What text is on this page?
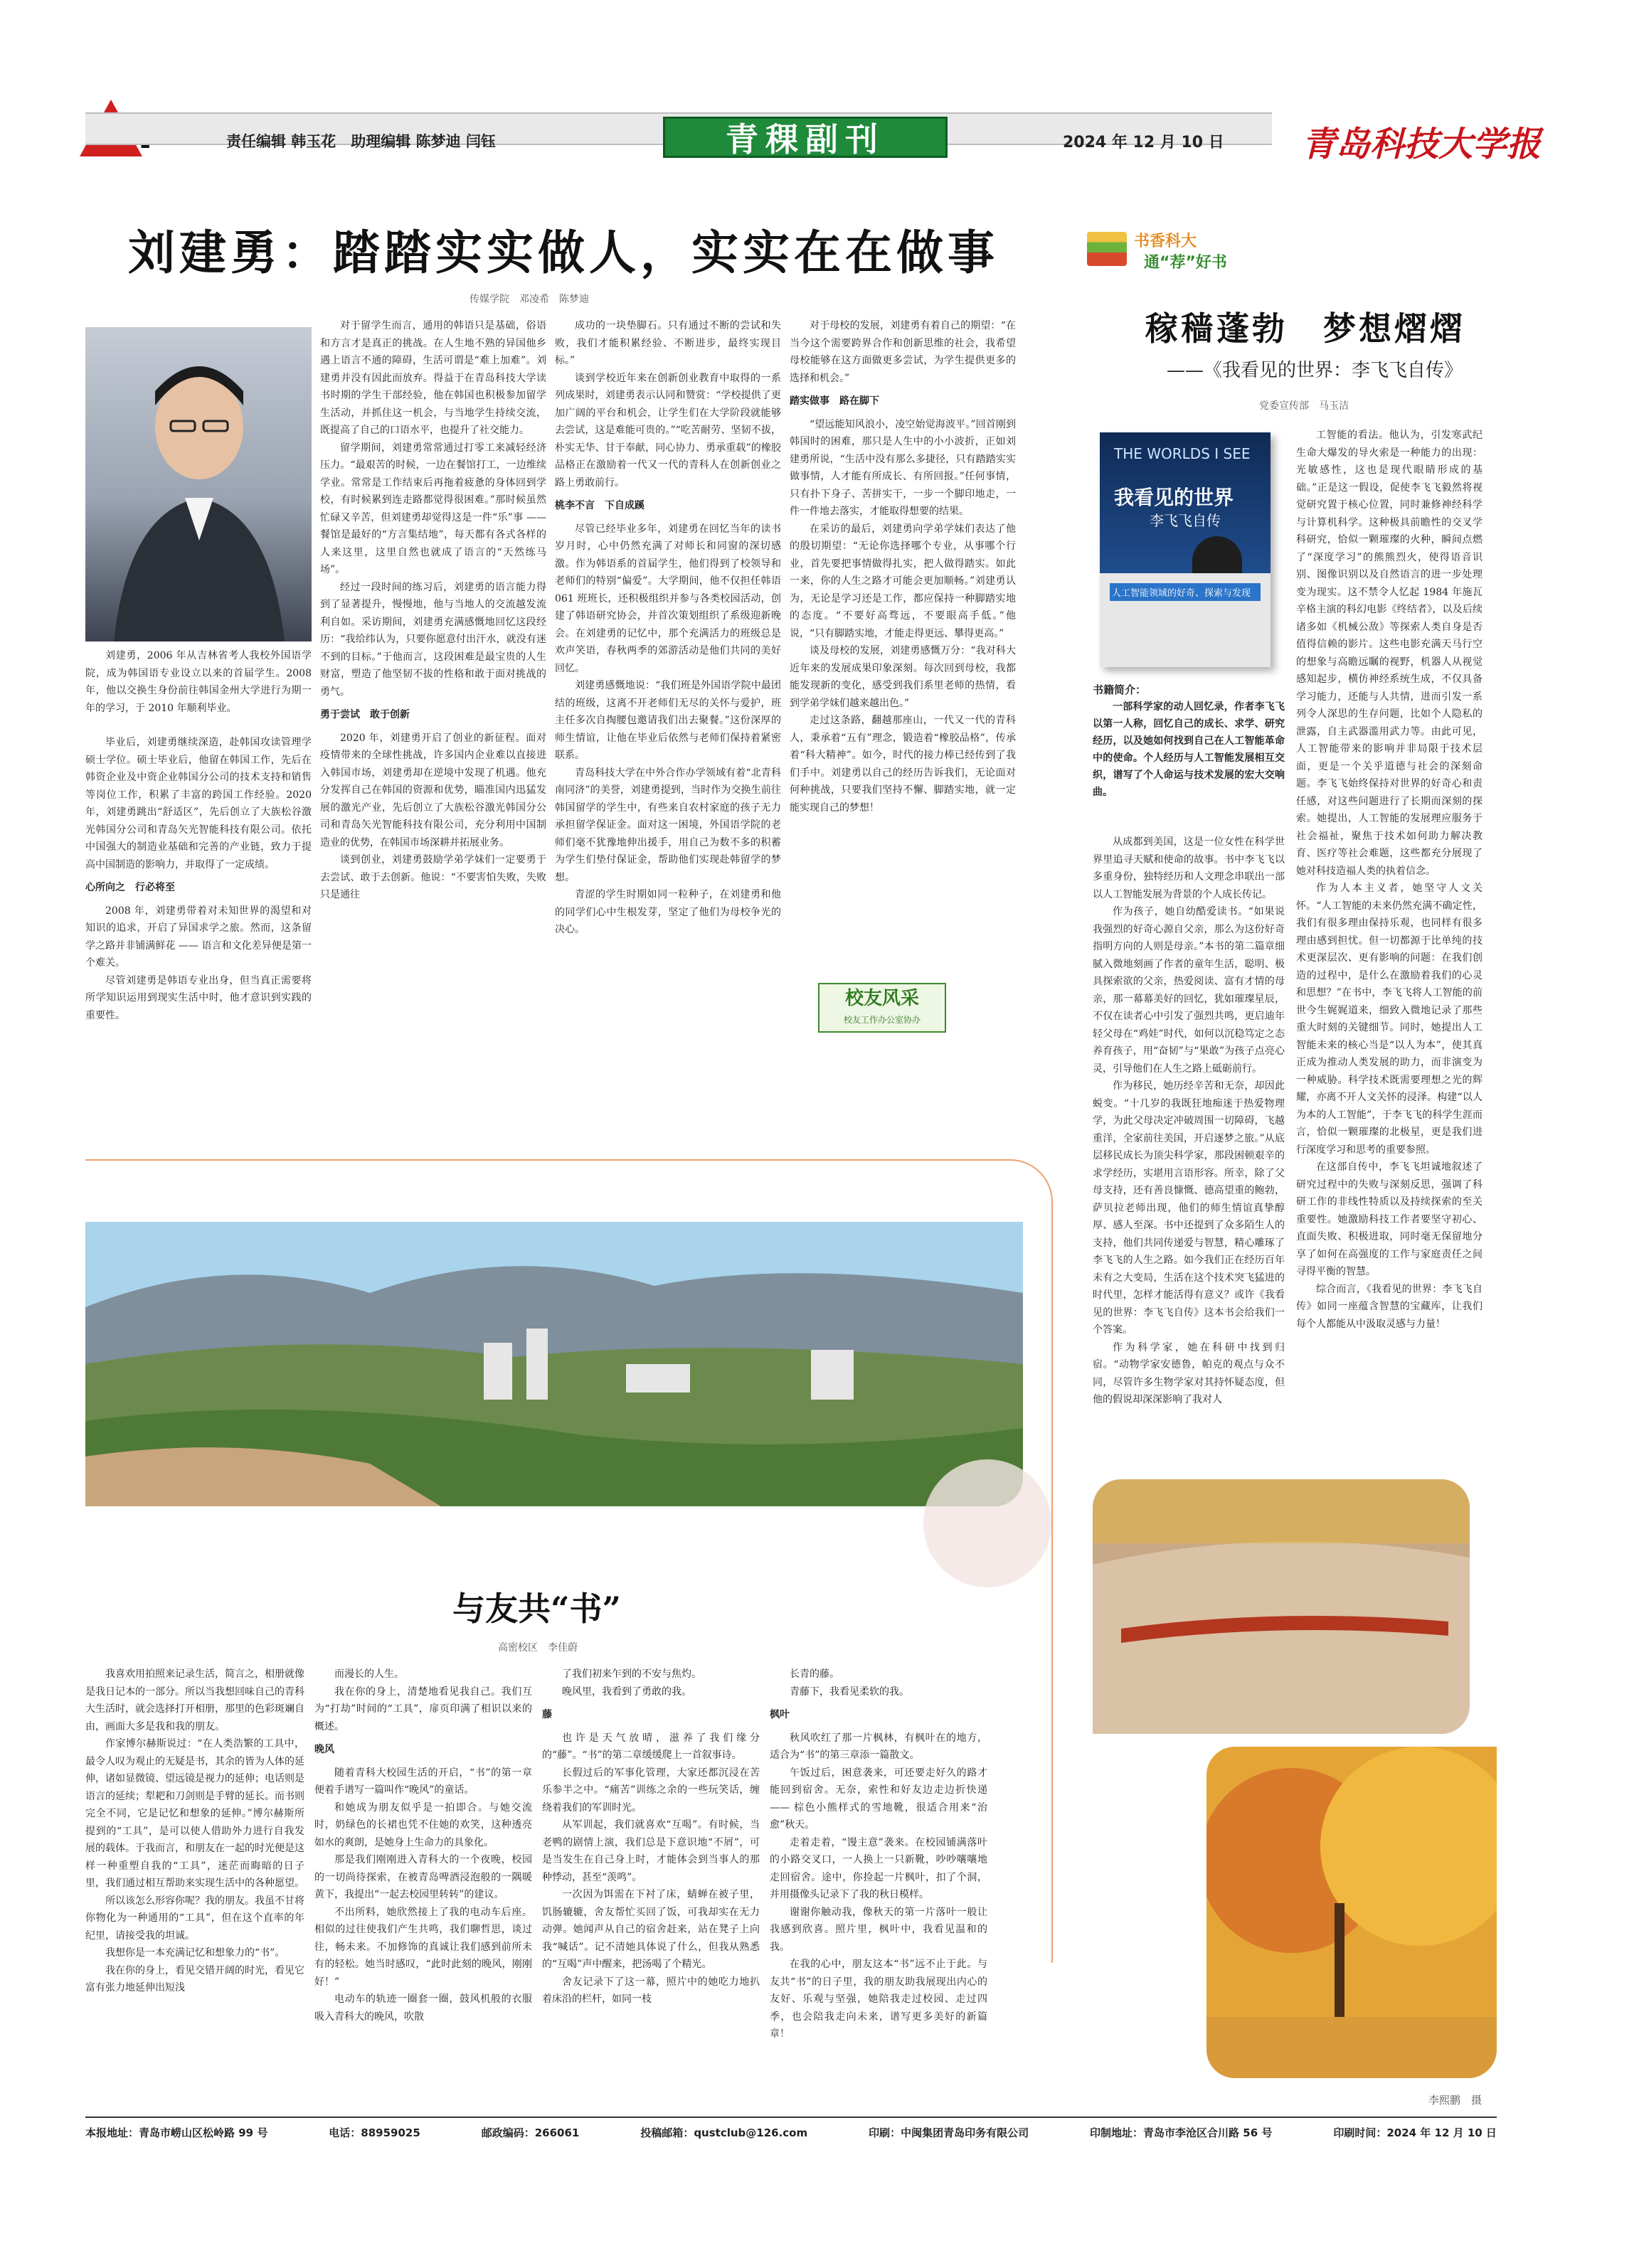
责任编辑 韩玉花　助理编辑 陈梦迪 闫钰	青稞副刊	2024 年 12 月 10 日 青岛科技大学报
刘建勇：踏踏实实做人，实实在在做事
传媒学院　邓凌希　陈梦迪
刘建勇，2006 年从吉林省考人我校外国语学院，成为韩国语专业设立以来的首届学生。2008 年，他以交换生身份前往韩国金州大学进行为期一年的学习，于 2010 年顺利毕业。

毕业后，刘建勇继续深造，赴韩国攻读管理学硕士学位。硕士毕业后，他留在韩国工作，先后在韩资企业及中资企业韩国分公司的技术支持和销售等岗位工作，积累了丰富的跨国工作经验。2020 年，刘建勇跳出“舒适区”，先后创立了大族松谷激光韩国分公司和青岛矢光智能科技有限公司。依托中国强大的制造业基础和完善的产业链，致力于提高中国制造的影响力，并取得了一定成绩。

心所向之　行必将至

2008 年，刘建勇带着对未知世界的渴望和对知识的追求，开启了异国求学之旅。然而，这条留学之路并非铺满鲜花 —— 语言和文化差异便是第一个难关。

尽管刘建勇是韩语专业出身，但当真正需要将所学知识运用到现实生活中时，他才意识到实践的重要性。

对于留学生而言，通用的韩语只是基础，俗语和方言才是真正的挑战。在人生地不熟的异国他乡遇上语言不通的障碍，生活可谓是“难上加难”。刘建勇并没有因此而放弃。得益于在青岛科技大学读书时期的学生干部经验，他在韩国也积极参加留学生活动，并抓住这一机会，与当地学生持续交流，既提高了自己的口语水平，也提升了社交能力。

留学期间，刘建勇常常通过打零工来减轻经济压力。“最艰苦的时候，一边在餐馆打工，一边维续学业。常常是工作结束后再拖着疲惫的身体回到学校，有时候累到连走路都觉得很困难。”那时候虽然忙碌又辛苦，但刘建勇却觉得这是一件“乐”事 —— 餐馆是最好的“方言集结地”，每天都有各式各样的人来这里，这里自然也就成了语言的“天然练马场”。

经过一段时间的练习后，刘建勇的语言能力得到了显著提升，慢慢地，他与当地人的交流越发流利自如。采访期间，刘建勇充满感慨地回忆这段经历：“我给纬认为，只要你愿意付出汗水，就没有迷不到的目标。”于他而言，这段困难是最宝贵的人生财富，塑造了他坚韧不拔的性格和敢于面对挑战的勇气。

勇于尝试　敢于创新

2020 年，刘建勇开启了创业的新征程。面对疫情带来的全球性挑战，许多国内企业难以直接进入韩国市场，刘建勇却在逆境中发现了机遇。他充分发挥自己在韩国的资源和优势，瞄准国内迅猛发展的激光产业，先后创立了大族松谷激光韩国分公司和青岛矢光智能科技有限公司，充分利用中国制造业的优势，在韩国市场深耕并拓展业务。

谈到创业，刘建勇鼓励学弟学妹们一定要勇于去尝试、敢于去创新。他说：“不要害怕失败，失败只是通往

成功的一块垫脚石。只有通过不断的尝试和失败，我们才能积累经验、不断进步，最终实现目标。”

谈到学校近年来在创新创业教育中取得的一系列成果时，刘建勇表示认同和赞赏：“学校提供了更加广阔的平台和机会，让学生们在大学阶段就能够去尝试，这是难能可贵的。”“吃苦耐劳、坚韧不拔，朴实无华、甘于奉献，同心协力、勇承重载”的橡胶品格正在激励着一代又一代的青科人在创新创业之路上勇敢前行。

桃李不言　下自成蹊

尽管已经毕业多年，刘建勇在回忆当年的读书岁月时，心中仍然充满了对师长和同窗的深切感激。作为韩语系的首届学生，他们得到了校领导和老师们的特别“偏爱”。大学期间，他不仅担任韩语 061 班班长，还积极组织并参与各类校园活动，创建了韩语研究协会，并首次策划组织了系级迎新晚会。在刘建勇的记忆中，那个充满活力的班级总是欢声笑语，春秋两季的郊游活动是他们共同的美好回忆。

刘建勇感慨地说：“我们班是外国语学院中最团结的班级，这离不开老师们无尽的关怀与爱护，班主任多次自掏腰包邀请我们出去聚餐。”这份深厚的师生情谊，让他在毕业后依然与老师们保持着紧密联系。

青岛科技大学在中外合作办学领域有着“北青科南同济”的美誉，刘建勇提到，当时作为交换生前往韩国留学的学生中，有些来自农村家庭的孩子无力承担留学保证金。面对这一困境，外国语学院的老师们毫不犹豫地伸出援手，用自己为数不多的积蓄为学生们垫付保证金，帮助他们实现赴韩留学的梦想。

青涩的学生时期如同一粒种子，在刘建勇和他的同学们心中生根发芽，坚定了他们为母校争光的决心。

对于母校的发展，刘建勇有着自己的期望：“在当今这个需要跨界合作和创新思维的社会，我希望母校能够在这方面做更多尝试，为学生提供更多的选择和机会。”

踏实做事　路在脚下

“望远能知风浪小，凌空始觉海波平。”回首刚到韩国时的困难，那只是人生中的小小波折，正如刘建勇所说，“生活中没有那么多捷径，只有踏踏实实做事情，人才能有所成长、有所回报。”任何事情，只有扑下身子、苦拼实干，一步一个脚印地走，一件一件地去落实，才能取得想要的结果。

在采访的最后，刘建勇向学弟学妹们表达了他的殷切期望：“无论你选择哪个专业，从事哪个行业，首先要把事情做得扎实，把人做得踏实。如此一来，你的人生之路才可能会更加顺畅。”刘建勇认为，无论是学习还是工作，都应保持一种脚踏实地的态度。“不要好高骛远，不要眼高手低。”他说，“只有脚踏实地，才能走得更远、攀得更高。”

谈及母校的发展，刘建勇感慨万分：“我对科大近年来的发展成果印象深刻。每次回到母校，我都能发现新的变化，感受到我们系里老师的热情，看到学弟学妹们越来越出色。”

走过这条路，翻越那座山，一代又一代的青科人，秉承着“五有”理念，锻造着“橡胶品格”，传承着“科大精神”。如今，时代的接力棒已经传到了我们手中。刘建勇以自己的经历告诉我们，无论面对何种挑战，只要我们坚持不懈、脚踏实地，就一定能实现自己的梦想！

校友风采
校友工作办公室协办
书香科大
通“荐”好书
稼穑蓬勃　梦想熠熠
——《我看见的世界：李飞飞自传》
党委宣传部　马玉洁
THE WORLDS I SEE
我看见的世界
李飞飞自传
人工智能领域的好奇、探索与发现
书籍简介：
一部科学家的动人回忆录，作者李飞飞以第一人称，回忆自己的成长、求学、研究经历，以及她如何找到自己在人工智能革命中的使命。个人经历与人工智能发展相互交织，谱写了个人命运与技术发展的宏大交响曲。

从成都到美国，这是一位女性在科学世界里追寻天赋和使命的故事。书中李飞飞以多重身份，独特经历和人文理念串联出一部以人工智能发展为背景的个人成长传记。

作为孩子，她自幼酷爱读书。“如果说我强烈的好奇心源自父亲，那么为这份好奇指明方向的人则是母亲。”本书的第二篇章细腻入微地刻画了作者的童年生活，聪明、极具探索欲的父亲，热爱阅读、富有才情的母亲，那一幕幕美好的回忆，犹如璀璨星辰，不仅在读者心中引发了强烈共鸣，更启迪年轻父母在“鸡娃”时代，如何以沉稳笃定之态养育孩子，用“奋韧”与“果敢”为孩子点亮心灵，引导他们在人生之路上砥砺前行。

作为移民，她历经辛苦和无奈，却因此蜕变。“十几岁的我既狂地痴迷于热爱物理学，为此父母决定冲破周围一切障碍，飞越重洋，全家前往美国，开启逐梦之旅。”从底层移民成长为顶尖科学家，那段困顿艰辛的求学经历，实堪用言语形容。所幸，除了父母支持，还有善良慷慨、德高望重的鲍勃，萨贝拉老师出现，他们的师生情谊真挚醇厚、感人至深。书中还提到了众多陌生人的支持，他们共同传递爱与智慧，精心雕琢了李飞飞的人生之路。如今我们正在经历百年未有之大变局，生活在这个技术突飞猛进的时代里，怎样才能活得有意义？或许《我看见的世界：李飞飞自传》这本书会给我们一个答案。

作为科学家，她在科研中找到归宿。“动物学家安德鲁，帕克的观点与众不同，尽管许多生物学家对其持怀疑态度，但他的假说却深深影响了我对人

工智能的看法。他认为，引发寒武纪生命大爆发的导火索是一种能力的出现：光敏感性，这也是现代眼睛形成的基础。”正是这一假设，促使李飞飞毅然将视觉研究置于核心位置，同时兼修神经科学与计算机科学。这种极具前瞻性的交叉学科研究，恰似一颗璀璨的火种，瞬间点燃了“深度学习”的熊熊烈火，使得语音识别、图像识别以及自然语言的进一步处理变为现实。这不禁令人忆起 1984 年施瓦辛格主演的科幻电影《终结者》，以及后续诸多如《机械公敌》等探索人类自身是否值得信赖的影片。这些电影充满天马行空的想象与高瞻远瞩的视野，机器人从视觉感知起步，横仿神经系统生成，不仅具备学习能力，还能与人共情，进而引发一系列令人深思的生存问题，比如个人隐私的泄露，自主武器滥用武力等。由此可见，人工智能带来的影响并非局限于技术层面，更是一个关乎道德与社会的深刻命题。李飞飞始终保持对世界的好奇心和责任感，对这些问题进行了长期而深刻的探索。她提出，人工智能的发展理应服务于社会福祉，聚焦于技术如何助力解决教育、医疗等社会难题，这些都充分展现了她对科技造福人类的执着信念。

作为人本主义者，她坚守人文关怀。“人工智能的未来仍然充满不确定性，我们有很多理由保持乐观，也同样有很多理由感到担忧。但一切都源于比单纯的技术更深层次、更有影响的问题：在我们创造的过程中，是什么在激励着我们的心灵和思想？”在书中，李飞飞将人工智能的前世今生娓娓道来，细致入微地记录了那些重大时刻的关键细节。同时，她提出人工智能未来的核心当是“以人为本”，使其真正成为推动人类发展的助力，而非演变为一种威胁。科学技术既需要理想之光的辉耀，亦离不开人文关怀的浸泽。构建“以人为本的人工智能”，于李飞飞的科学生涯而言，恰似一颗璀璨的北极星，更是我们进行深度学习和思考的重要参照。

在这部自传中，李飞飞坦诚地叙述了研究过程中的失败与深刻反思，强调了科研工作的非线性特质以及持续探索的至关重要性。她激励科技工作者要坚守初心、直面失败、积极进取，同时毫无保留地分享了如何在高强度的工作与家庭责任之间寻得平衡的智慧。

综合而言，《我看见的世界：李飞飞自传》如同一座蕴含智慧的宝藏库，让我们每个人都能从中汲取灵感与力量！

与友共“书”
高密校区　李佳蔚

我喜欢用拍照来记录生活，简言之，相册就像是我日记本的一部分。所以当我想回味自己的青科大生活时，就会选择打开相册，那里的色彩斑斓自由，画面大多是我和我的朋友。

作家博尔赫斯说过：“在人类浩繁的工具中，最令人叹为观止的无疑是书，其余的皆为人体的延伸，诸如显微镜、望远镜是视力的延伸；电话则是语言的延续；犁耙和刀剑则是手臂的延长。而书则完全不同，它是记忆和想象的延伸。”博尔赫斯所提到的“工具”，是可以使人借助外力进行自我发展的载体。于我而言，和朋友在一起的时光便是这样一种重塑自我的“工具”，迷茫而晦暗的日子里，我们通过相互帮助来实现生活中的各种愿望。

所以该怎么形容你呢？我的朋友。我虽不甘将你物化为一种通用的“工具”，但在这个直率的年纪里，请接受我的坦诚。

我想你是一本充满记忆和想象力的“书”。

我在你的身上，看见交错开阔的时光，看见它富有张力地延伸出短浅

而漫长的人生。

我在你的身上，清楚地看见我自己。我们互为“打劫”时间的“工具”，扉页印满了相识以来的概述。

晚风

随着青科大校园生活的开启，“书”的第一章便着手谱写一篇叫作“晚风”的童话。

和她成为朋友似乎是一拍即合。与她交流时，奶绿色的长裙也凭不住她的欢笑，这种透亮如水的爽朗，是她身上生命力的具象化。

那是我们刚刚进入青科大的一个夜晚，校园的一切尚待探索，在被青岛啤酒浸泡般的一隅暖黄下，我提出“一起去校园里转转”的建议。

不出所料，她欣然接上了我的电动车后座。相似的过往使我们产生共鸣，我们聊哲思，谈过往，畅未来。不加修饰的真诚让我们感到前所未有的轻松。她当时感叹，“此时此刻的晚风，刚刚好！”

电动车的轨迹一圈套一圈，鼓风机般的衣服吸入青科大的晚风，吹散

了我们初来乍到的不安与焦灼。

晚风里，我看到了勇敢的我。

藤

也许是天气放晴，滋养了我们缘分的“藤”。“书”的第二章缓缓爬上一首叙事诗。

长假过后的军事化管理，大家还都沉浸在苦乐参半之中。“痛苦”训练之余的一些玩笑话，缠绕着我们的军训时光。

从军训起，我们就喜欢“互喝”。有时候，当老鸭的剧情上演，我们总是下意识地“不屑”，可是当发生在自己身上时，才能体会到当事人的那种悸动，甚至“羡鸣”。

一次因为饵需在下衬了床，蜻蝉在被子里，饥肠辘辘，舍友帮忙买回了饭，可我却实在无力动弹。她闻声从自己的宿舍赶来，站在凳子上向我“喊话”。记不清她具体说了什么，但我从熟悉的“互喝”声中醒来，把汤喝了个精光。

舍友记录下了这一幕，照片中的她吃力地扒着床沿的栏杆，如同一枝

长青的藤。

青藤下，我看见柔软的我。

枫叶

秋风吹红了那一片枫林，有枫叶在的地方，适合为“书”的第三章添一篇散文。

午饭过后，困意袭来，可还要走好久的路才能回到宿舍。无奈，索性和好友边走边折快递 —— 棕色小熊样式的雪地靴，很适合用来“治愈”秋天。

走着走着，“馒主意”袭来。在校园铺满落叶的小路交叉口，一人换上一只新靴，吵吵嚷嚷地走回宿舍。途中，你捡起一片枫叶，扣了个洞，并用摄像头记录下了我的秋日模样。

谢谢你触动我，像秋天的第一片落叶一般让我感到欣喜。照片里，枫叶中，我看见温和的我。

在我的心中，朋友这本“书”远不止于此。与友共“书”的日子里，我的朋友助我展现出内心的友好、乐观与坚强，她陪我走过校园、走过四季，也会陪我走向未来，谱写更多美好的新篇章！

李熙鹏　摄
本报地址：青岛市崂山区松岭路 99 号	电话：88959025	邮政编码：266061	投稿邮箱：qustclub@126.com	印刷：中闽集团青岛印务有限公司	印制地址：青岛市李沧区合川路 56 号	印刷时间：2024 年 12 月 10 日
